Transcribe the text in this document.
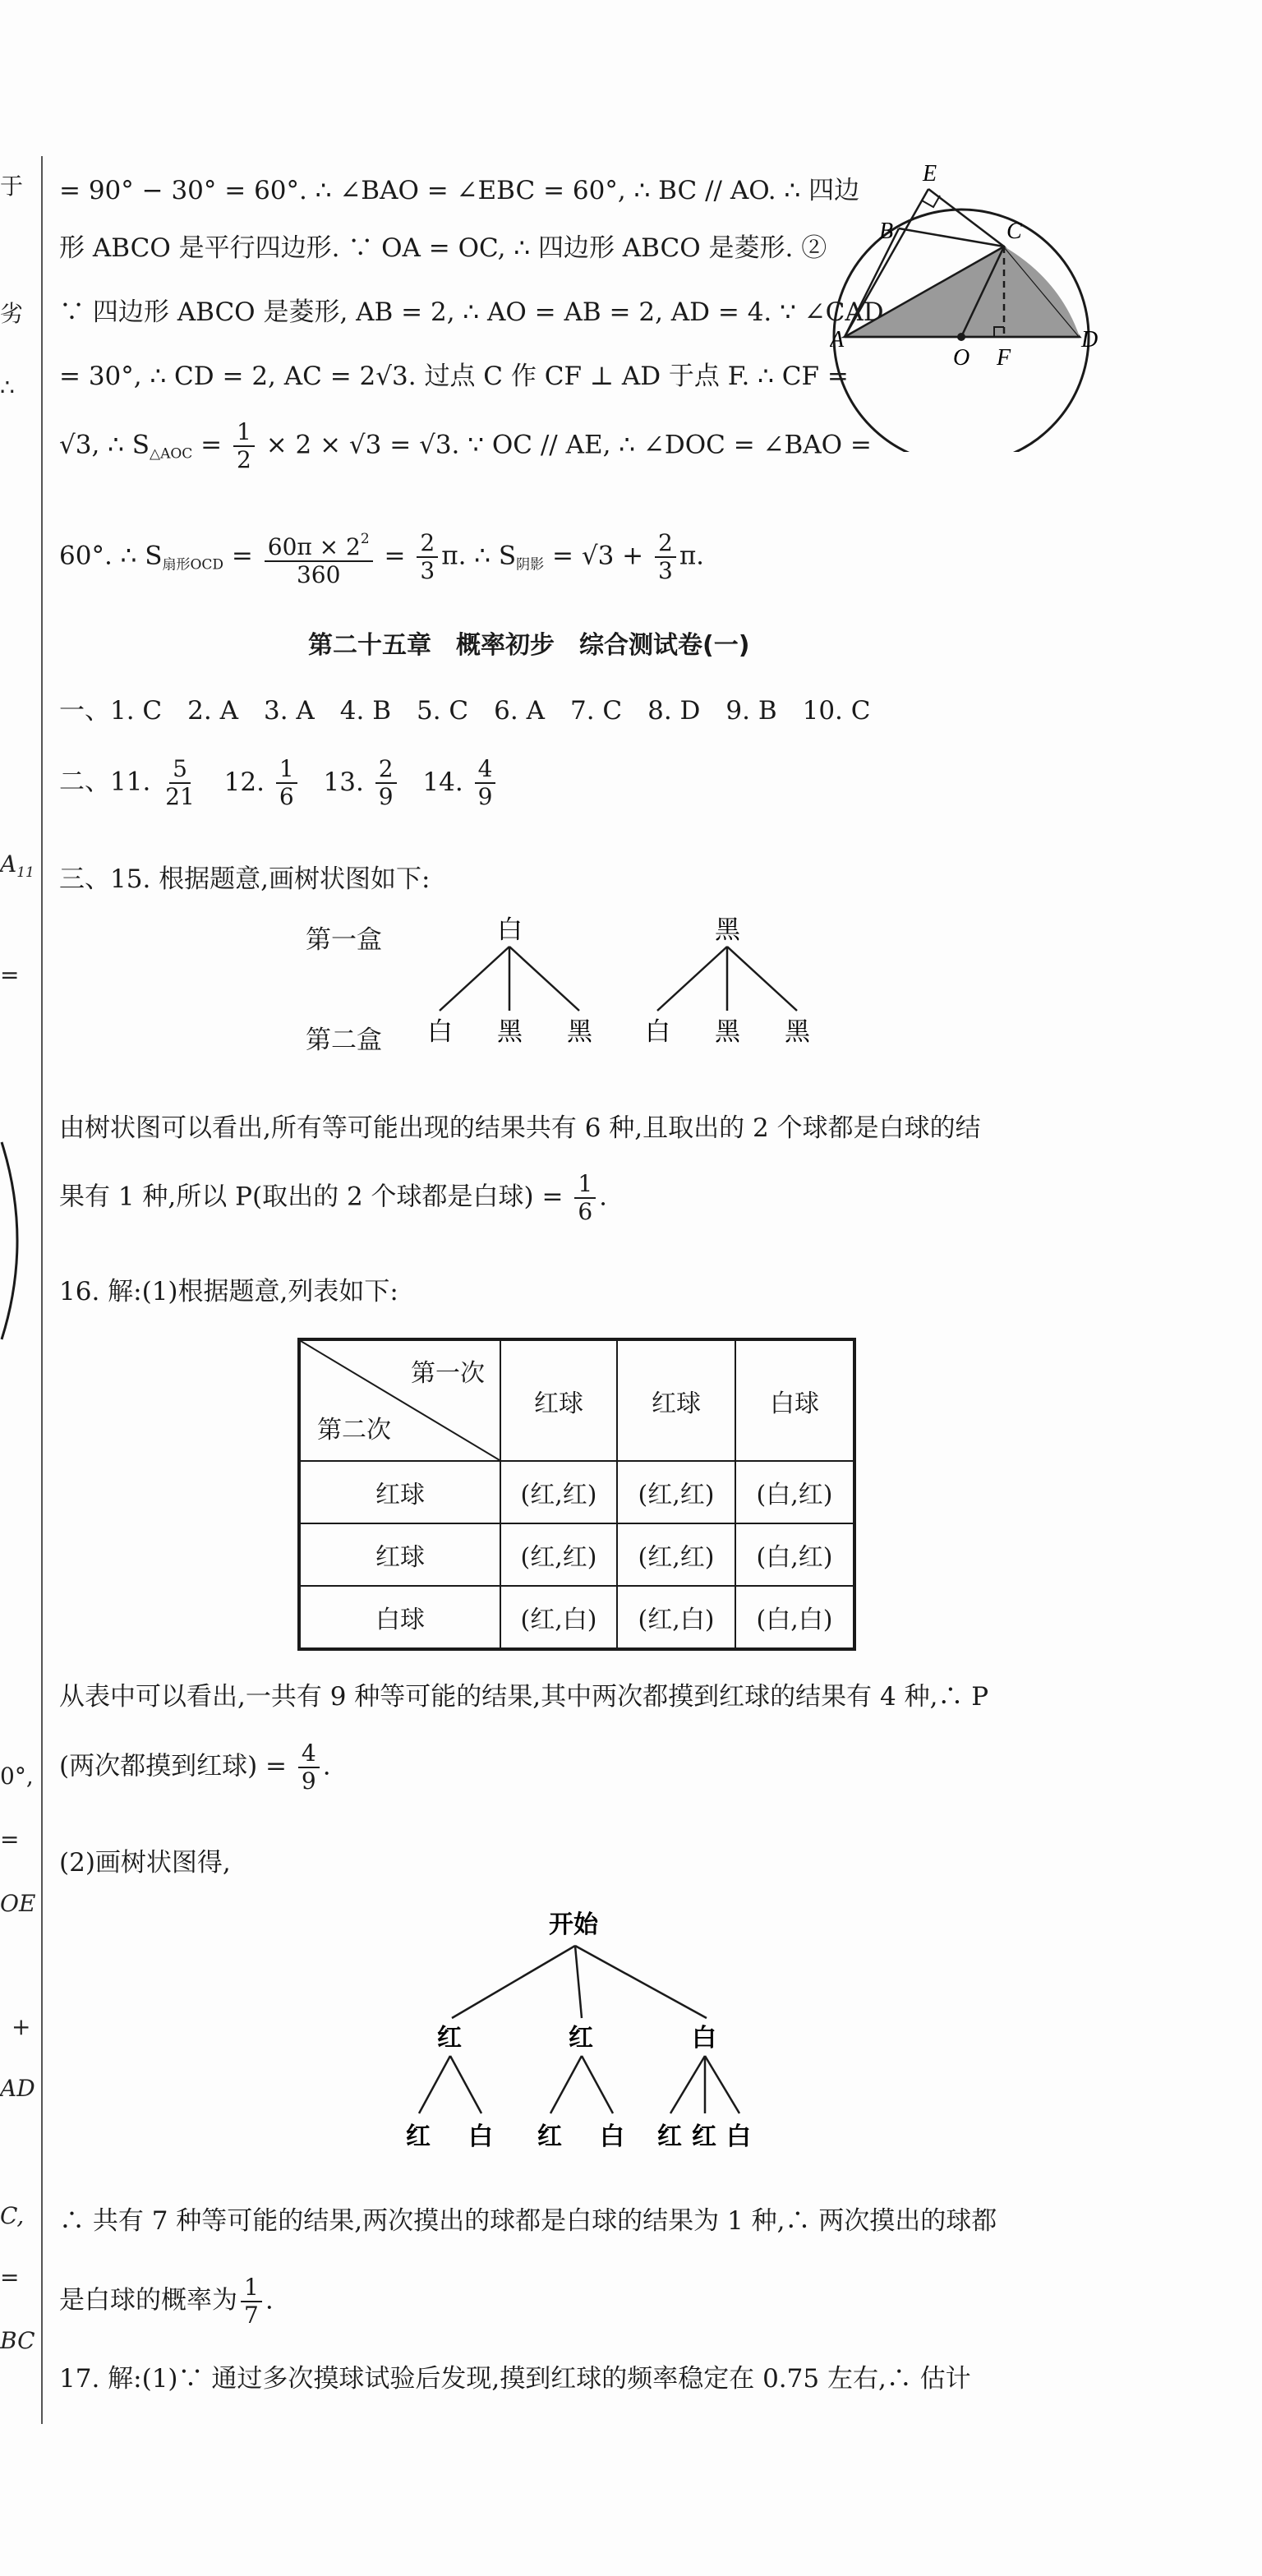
于
劣
∴
$A_{11}$
=
0°,
=
OE
+
AD
C,
=
BC
= 90° − 30° = 60°. ∴ ∠BAO = ∠EBC = 60°, ∴ BC // AO. ∴ 四边
形 ABCO 是平行四边形. ∵ OA = OC, ∴ 四边形 ABCO 是菱形. ②
∵ 四边形 ABCO 是菱形, AB = 2, ∴ AO = AB = 2, AD = 4. ∵ ∠CAD
= 30°, ∴ CD = 2, AC = 2√3. 过点 C 作 CF ⊥ AD 于点 F. ∴ CF =
√3, ∴ $S_{\triangle AOC} = \frac{1}{2} \times 2 \times √3 = √3$. ∵ OC // AE, ∴ ∠DOC = ∠BAO =
60°. ∴ $S_{扇形OCD} = \frac{60\pi \times 2^2}{360} = \frac{2}{3} \pi$. ∴ $S_{阴影} = √3 + \frac{2}{3} \pi$.
E
B	C
A
O F
D
第二十五章　概率初步　综合测试卷(一)
一、1. C　2. A　3. A　4. B　5. C　6. A　7. C　8. D　9. B　10. C
二、11. $\frac{5}{21} 12$. $\frac{1}{6} 13$. $\frac{2}{9} 14$. $\frac{4}{9}$
三、15. 根据题意,画树状图如下:
第一盒
第二盒
白	黑
白 黑 黑 白 黑 黑
由树状图可以看出,所有等可能出现的结果共有 6 种,且取出的 2 个球都是白球的结
果有 1 种,所以 P(取出的 2 个球都是白球) = $\frac{1}{6}$ .
16. 解:(1)根据题意,列表如下:
第一次
第二次	红球	红球	白球
红球	(红,红)	(红,红)	(白,红)
红球	(红,红)	(红,红)	(白,红)
白球	(红,白)	(红,白)	(白,白)
从表中可以看出,一共有 9 种等可能的结果,其中两次都摸到红球的结果有 4 种,∴ P
(两次都摸到红球) = $\frac{4}{9}$ .
(2)画树状图得,
开始
红	红	白
红 白 红 白 红 红 白
∴ 共有 7 种等可能的结果,两次摸出的球都是白球的结果为 1 种,∴ 两次摸出的球都
是白球的概率为 $\frac{1}{7}$ .
17. 解:(1)∵ 通过多次摸球试验后发现,摸到红球的频率稳定在 0.75 左右,∴ 估计
